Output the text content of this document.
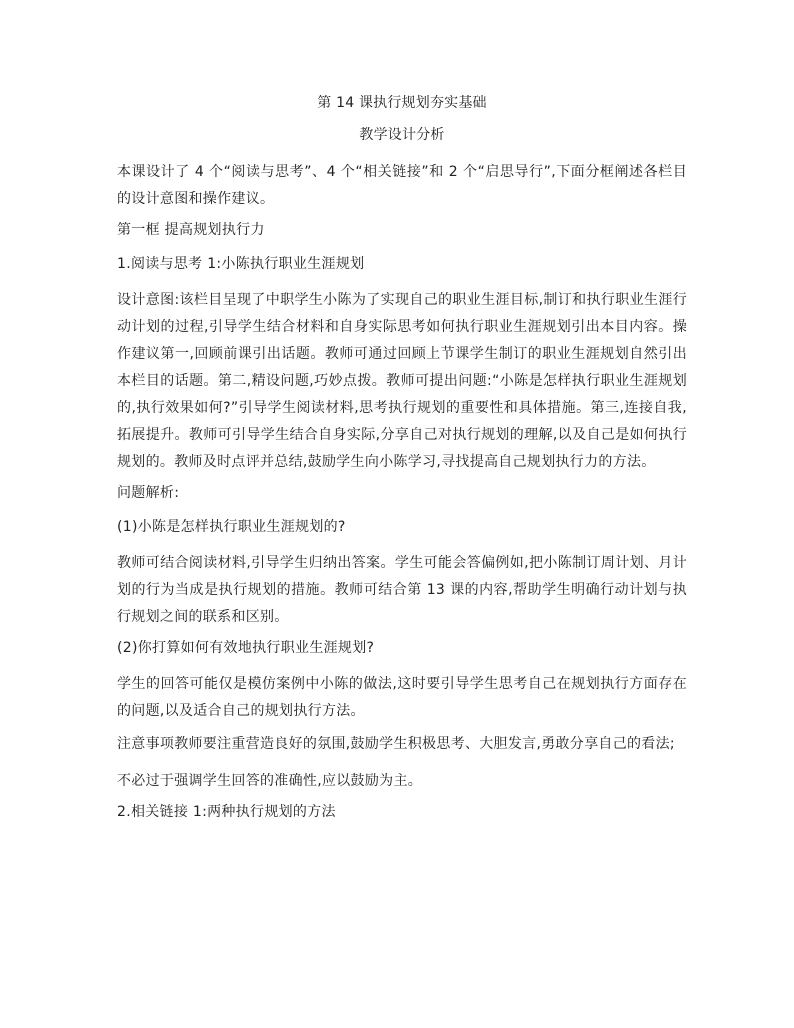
第 14 课执行规划夯实基础
教学设计分析

本课设计了 4 个“阅读与思考”、4 个“相关链接”和 2 个“启思导行”,下面分框阐述各栏目的设计意图和操作建议。

第一框 提高规划执行力

1.阅读与思考 1:小陈执行职业生涯规划

设计意图:该栏目呈现了中职学生小陈为了实现自己的职业生涯目标,制订和执行职业生涯行动计划的过程,引导学生结合材料和自身实际思考如何执行职业生涯规划引出本目内容。操作建议第一,回顾前课引出话题。教师可通过回顾上节课学生制订的职业生涯规划自然引出本栏目的话题。第二,精设问题,巧妙点拨。教师可提出问题:“小陈是怎样执行职业生涯规划的,执行效果如何?”引导学生阅读材料,思考执行规划的重要性和具体措施。第三,连接自我,拓展提升。教师可引导学生结合自身实际,分享自己对执行规划的理解,以及自己是如何执行规划的。教师及时点评并总结,鼓励学生向小陈学习,寻找提高自己规划执行力的方法。

问题解析:

(1)小陈是怎样执行职业生涯规划的?

教师可结合阅读材料,引导学生归纳出答案。学生可能会答偏例如,把小陈制订周计划、月计划的行为当成是执行规划的措施。教师可结合第 13 课的内容,帮助学生明确行动计划与执行规划之间的联系和区别。

(2)你打算如何有效地执行职业生涯规划?

学生的回答可能仅是模仿案例中小陈的做法,这时要引导学生思考自己在规划执行方面存在的问题,以及适合自己的规划执行方法。

注意事项教师要注重营造良好的氛围,鼓励学生积极思考、大胆发言,勇敢分享自己的看法;

不必过于强调学生回答的准确性,应以鼓励为主。

2.相关链接 1:两种执行规划的方法
